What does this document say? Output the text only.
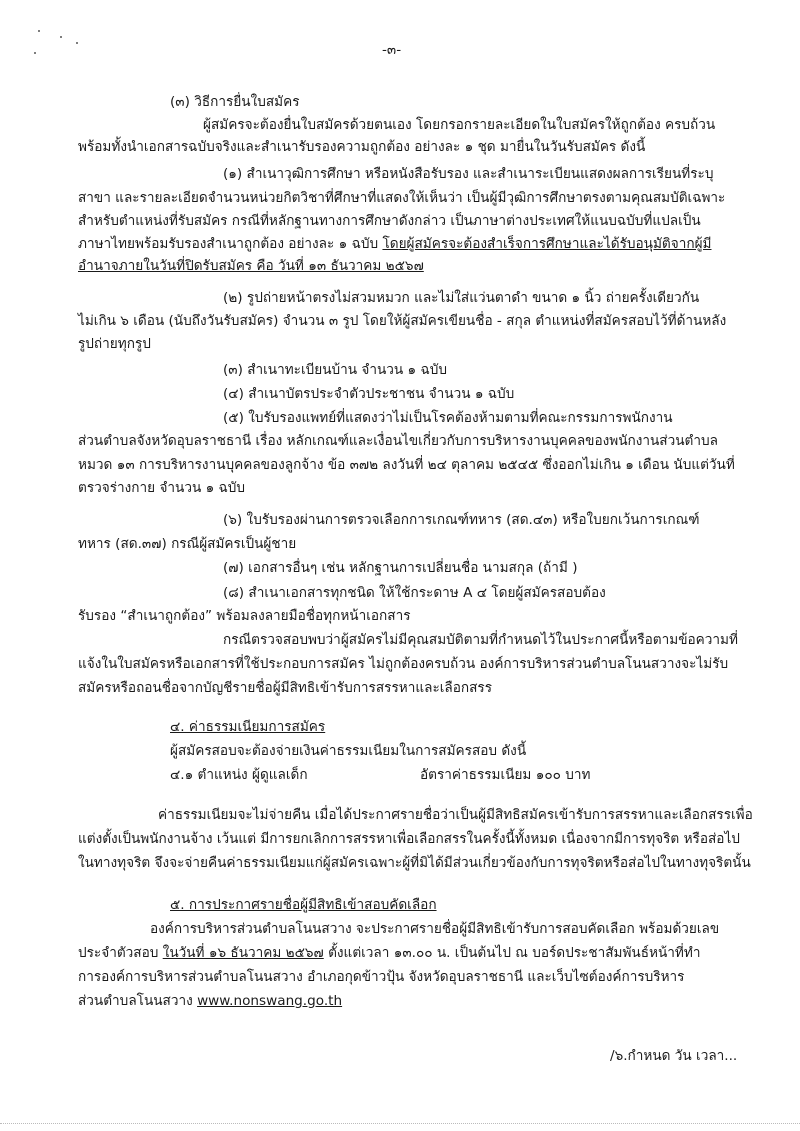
-๓-
(๓) วิธีการยื่นใบสมัคร
ผู้สมัครจะต้องยื่นใบสมัครด้วยตนเอง โดยกรอกรายละเอียดในใบสมัครให้ถูกต้อง ครบถ้วน
พร้อมทั้งนำเอกสารฉบับจริงและสำเนารับรองความถูกต้อง อย่างละ ๑ ชุด มายื่นในวันรับสมัคร ดังนี้
(๑) สำเนาวุฒิการศึกษา หรือหนังสือรับรอง และสำเนาระเบียนแสดงผลการเรียนที่ระบุ
สาขา และรายละเอียดจำนวนหน่วยกิตวิชาที่ศึกษาที่แสดงให้เห็นว่า เป็นผู้มีวุฒิการศึกษาตรงตามคุณสมบัติเฉพาะ
สำหรับตำแหน่งที่รับสมัคร กรณีที่หลักฐานทางการศึกษาดังกล่าว เป็นภาษาต่างประเทศให้แนบฉบับที่แปลเป็น
ภาษาไทยพร้อมรับรองสำเนาถูกต้อง อย่างละ ๑ ฉบับ โดยผู้สมัครจะต้องสำเร็จการศึกษาและได้รับอนุมัติจากผู้มี
อำนาจภายในวันที่ปิดรับสมัคร คือ วันที่ ๑๓ ธันวาคม ๒๕๖๗
(๒) รูปถ่ายหน้าตรงไม่สวมหมวก และไม่ใส่แว่นตาดำ ขนาด ๑ นิ้ว ถ่ายครั้งเดียวกัน
ไม่เกิน ๖ เดือน (นับถึงวันรับสมัคร) จำนวน ๓ รูป โดยให้ผู้สมัครเขียนชื่อ - สกุล ตำแหน่งที่สมัครสอบไว้ที่ด้านหลัง
รูปถ่ายทุกรูป
(๓) สำเนาทะเบียนบ้าน จำนวน ๑ ฉบับ
(๔) สำเนาบัตรประจำตัวประชาชน จำนวน ๑ ฉบับ
(๕) ใบรับรองแพทย์ที่แสดงว่าไม่เป็นโรคต้องห้ามตามที่คณะกรรมการพนักงาน
ส่วนตำบลจังหวัดอุบลราชธานี เรื่อง หลักเกณฑ์และเงื่อนไขเกี่ยวกับการบริหารงานบุคคลของพนักงานส่วนตำบล
หมวด ๑๓ การบริหารงานบุคคลของลูกจ้าง ข้อ ๓๗๒ ลงวันที่ ๒๔ ตุลาคม ๒๕๔๕ ซึ่งออกไม่เกิน ๑ เดือน นับแต่วันที่
ตรวจร่างกาย จำนวน ๑ ฉบับ
(๖) ใบรับรองผ่านการตรวจเลือกการเกณฑ์ทหาร (สด.๔๓) หรือใบยกเว้นการเกณฑ์
ทหาร (สด.๓๗) กรณีผู้สมัครเป็นผู้ชาย
(๗) เอกสารอื่นๆ เช่น หลักฐานการเปลี่ยนชื่อ นามสกุล (ถ้ามี )
(๘) สำเนาเอกสารทุกชนิด ให้ใช้กระดาษ A ๔ โดยผู้สมัครสอบต้อง
รับรอง “สำเนาถูกต้อง” พร้อมลงลายมือชื่อทุกหน้าเอกสาร
กรณีตรวจสอบพบว่าผู้สมัครไม่มีคุณสมบัติตามที่กำหนดไว้ในประกาศนี้หรือตามข้อความที่
แจ้งในใบสมัครหรือเอกสารที่ใช้ประกอบการสมัคร ไม่ถูกต้องครบถ้วน องค์การบริหารส่วนตำบลโนนสวางจะไม่รับ
สมัครหรือถอนชื่อจากบัญชีรายชื่อผู้มีสิทธิเข้ารับการสรรหาและเลือกสรร
๔. ค่าธรรมเนียมการสมัคร
ผู้สมัครสอบจะต้องจ่ายเงินค่าธรรมเนียมในการสมัครสอบ ดังนี้
๔.๑ ตำแหน่ง ผู้ดูแลเด็ก	อัตราค่าธรรมเนียม ๑๐๐ บาท
ค่าธรรมเนียมจะไม่จ่ายคืน เมื่อได้ประกาศรายชื่อว่าเป็นผู้มีสิทธิสมัครเข้ารับการสรรหาและเลือกสรรเพื่อ
แต่งตั้งเป็นพนักงานจ้าง เว้นแต่ มีการยกเลิกการสรรหาเพื่อเลือกสรรในครั้งนี้ทั้งหมด เนื่องจากมีการทุจริต หรือส่อไป
ในทางทุจริต จึงจะจ่ายคืนค่าธรรมเนียมแก่ผู้สมัครเฉพาะผู้ที่มิได้มีส่วนเกี่ยวข้องกับการทุจริตหรือส่อไปในทางทุจริตนั้น
๕. การประกาศรายชื่อผู้มีสิทธิเข้าสอบคัดเลือก
องค์การบริหารส่วนตำบลโนนสวาง จะประกาศรายชื่อผู้มีสิทธิเข้ารับการสอบคัดเลือก พร้อมด้วยเลข
ประจำตัวสอบ ในวันที่ ๑๖ ธันวาคม ๒๕๖๗ ตั้งแต่เวลา ๑๓.๐๐ น. เป็นต้นไป ณ บอร์ดประชาสัมพันธ์หน้าที่ทำ
การองค์การบริหารส่วนตำบลโนนสวาง อำเภอกุดข้าวปุ้น จังหวัดอุบลราชธานี และเว็บไซต์องค์การบริหาร
ส่วนตำบลโนนสวาง www.nonswang.go.th
/๖.กำหนด วัน เวลา...
